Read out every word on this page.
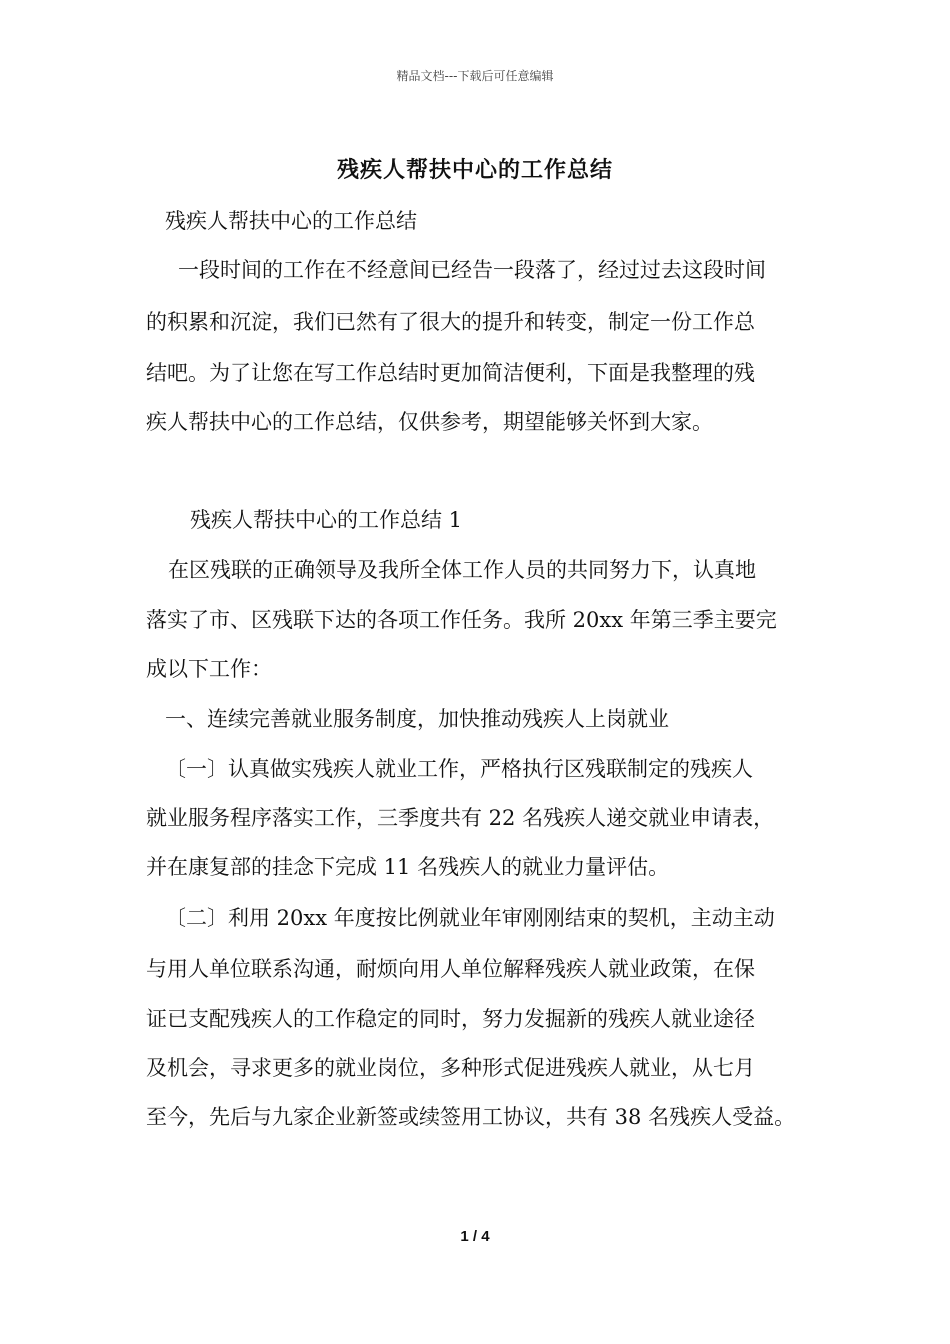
精品文档---下载后可任意编辑
残疾人帮扶中心的工作总结
残疾人帮扶中心的工作总结
一段时间的工作在不经意间已经告一段落了，经过过去这段时间
的积累和沉淀，我们已然有了很大的提升和转变，制定一份工作总
结吧。为了让您在写工作总结时更加简洁便利，下面是我整理的残
疾人帮扶中心的工作总结，仅供参考，期望能够关怀到大家。
残疾人帮扶中心的工作总结 1
在区残联的正确领导及我所全体工作人员的共同努力下，认真地
落实了市、区残联下达的各项工作任务。我所 20xx 年第三季主要完
成以下工作：
一、连续完善就业服务制度，加快推动残疾人上岗就业
〔一〕认真做实残疾人就业工作，严格执行区残联制定的残疾人
就业服务程序落实工作，三季度共有 22 名残疾人递交就业申请表，
并在康复部的挂念下完成 11 名残疾人的就业力量评估。
〔二〕利用 20xx 年度按比例就业年审刚刚结束的契机，主动主动
与用人单位联系沟通，耐烦向用人单位解释残疾人就业政策，在保
证已支配残疾人的工作稳定的同时，努力发掘新的残疾人就业途径
及机会，寻求更多的就业岗位，多种形式促进残疾人就业，从七月
至今，先后与九家企业新签或续签用工协议，共有 38 名残疾人受益。
1 / 4
